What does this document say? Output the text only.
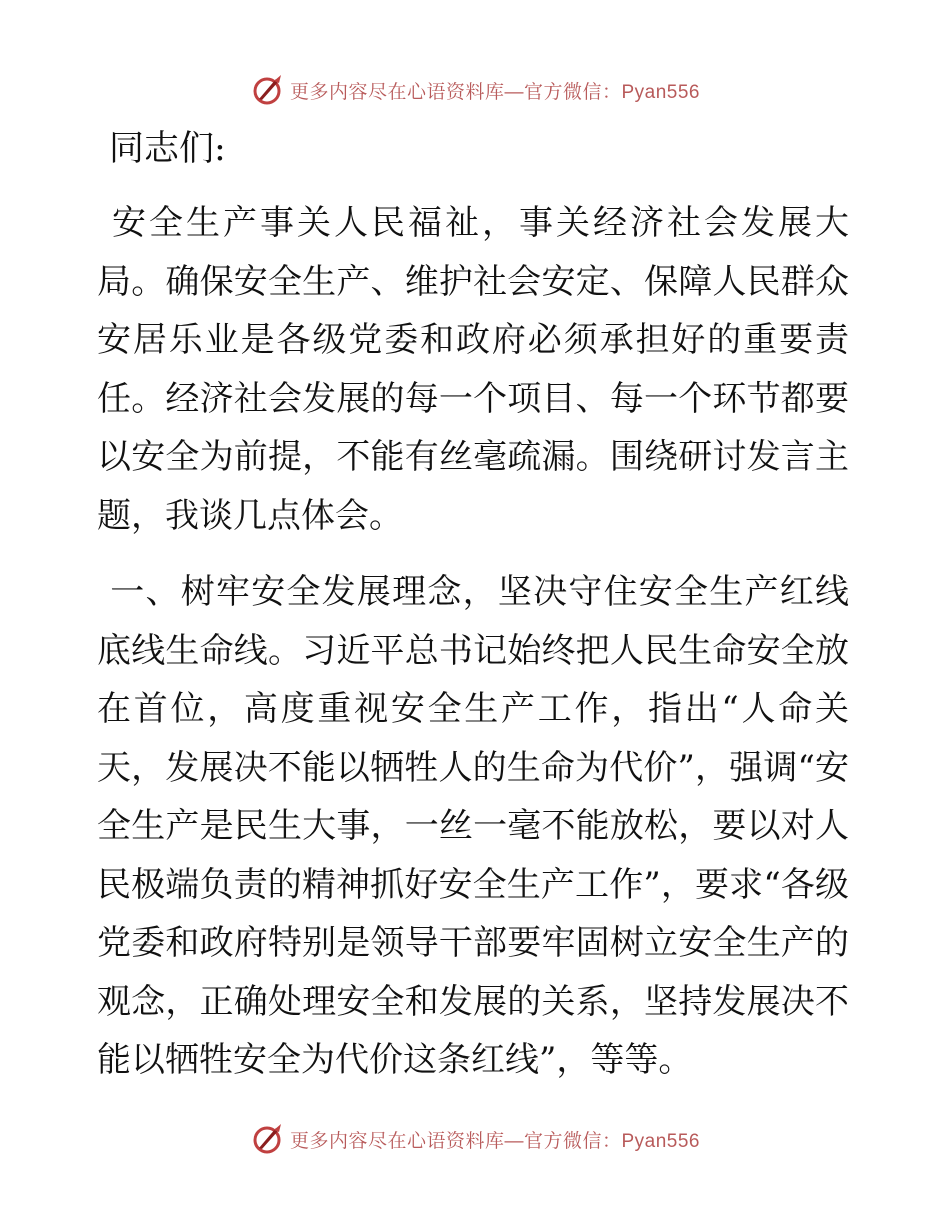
更多内容尽在心语资料库—官方微信：Pyan556
同志们:

安全生产事关人民福祉，事关经济社会发展大局。确保安全生产、维护社会安定、保障人民群众安居乐业是各级党委和政府必须承担好的重要责任。经济社会发展的每一个项目、每一个环节都要以安全为前提，不能有丝毫疏漏。围绕研讨发言主题，我谈几点体会。

一、树牢安全发展理念，坚决守住安全生产红线底线生命线。习近平总书记始终把人民生命安全放在首位，高度重视安全生产工作，指出“人命关天，发展决不能以牺牲人的生命为代价”，强调“安全生产是民生大事，一丝一毫不能放松，要以对人民极端负责的精神抓好安全生产工作”，要求“各级党委和政府特别是领导干部要牢固树立安全生产的观念，正确处理安全和发展的关系，坚持发展决不能以牺牲安全为代价这条红线”，等等。

更多内容尽在心语资料库—官方微信：Pyan556
